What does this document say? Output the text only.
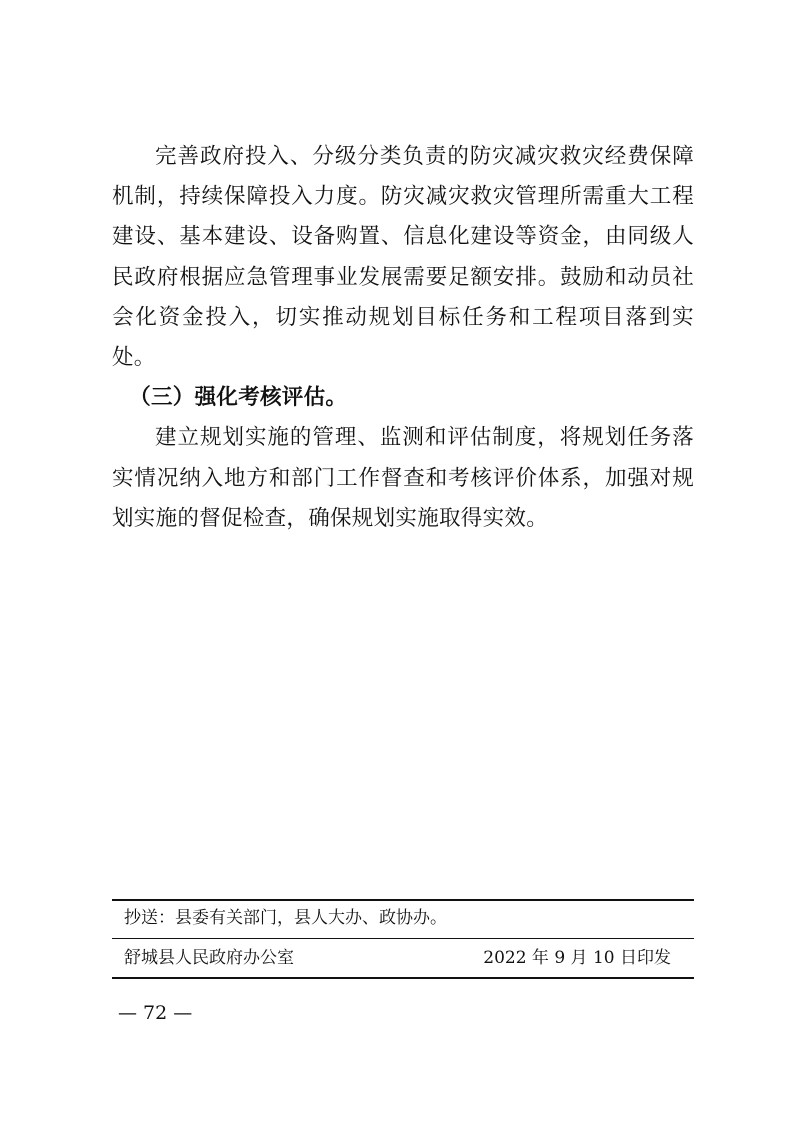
完善政府投入、分级分类负责的防灾减灾救灾经费保障机制，持续保障投入力度。防灾减灾救灾管理所需重大工程建设、基本建设、设备购置、信息化建设等资金，由同级人民政府根据应急管理事业发展需要足额安排。鼓励和动员社会化资金投入，切实推动规划目标任务和工程项目落到实处。

（三）强化考核评估。

建立规划实施的管理、监测和评估制度，将规划任务落实情况纳入地方和部门工作督查和考核评价体系，加强对规划实施的督促检查，确保规划实施取得实效。

抄送：县委有关部门，县人大办、政协办。
舒城县人民政府办公室	2022 年 9 月 10 日印发
— 72 —
